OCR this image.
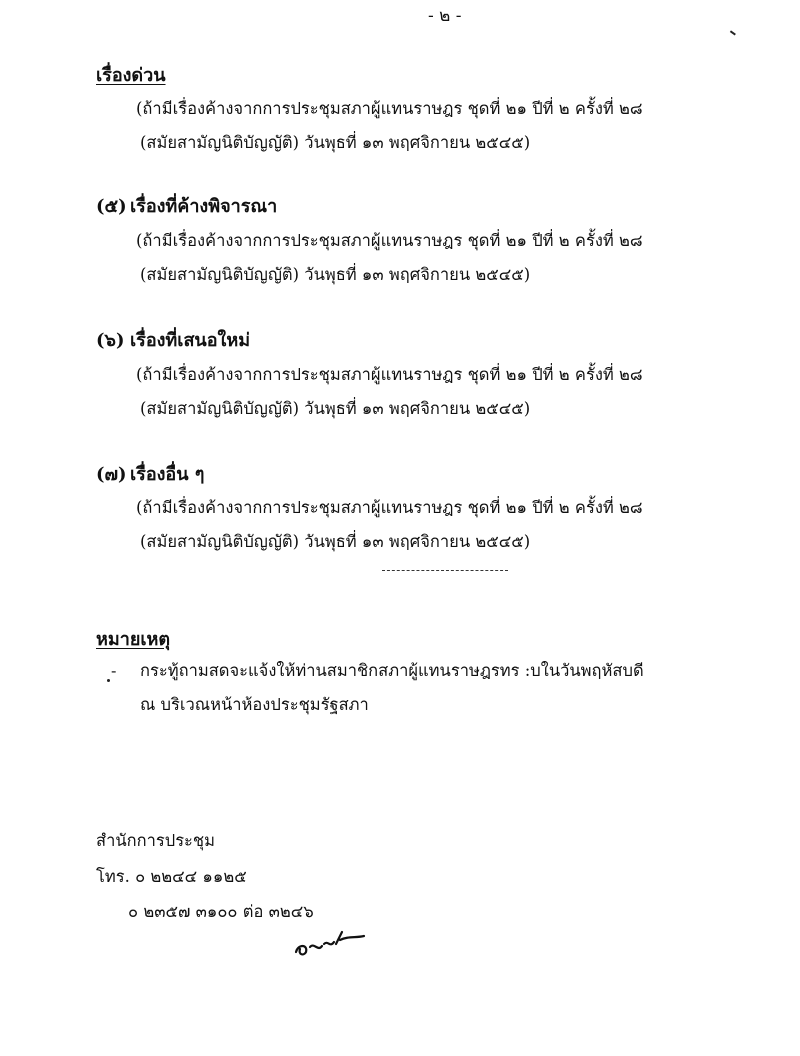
- ๒ -
เรื่องด่วน
(ถ้ามีเรื่องค้างจากการประชุมสภาผู้แทนราษฎร ชุดที่ ๒๑ ปีที่ ๒ ครั้งที่ ๒๘
(สมัยสามัญนิติบัญญัติ) วันพุธที่ ๑๓ พฤศจิกายน ๒๕๔๕)
(๕) เรื่องที่ค้างพิจารณา
(ถ้ามีเรื่องค้างจากการประชุมสภาผู้แทนราษฎร ชุดที่ ๒๑ ปีที่ ๒ ครั้งที่ ๒๘
(สมัยสามัญนิติบัญญัติ) วันพุธที่ ๑๓ พฤศจิกายน ๒๕๔๕)
(๖) เรื่องที่เสนอใหม่
(ถ้ามีเรื่องค้างจากการประชุมสภาผู้แทนราษฎร ชุดที่ ๒๑ ปีที่ ๒ ครั้งที่ ๒๘
(สมัยสามัญนิติบัญญัติ) วันพุธที่ ๑๓ พฤศจิกายน ๒๕๔๕)
(๗) เรื่องอื่น ๆ
(ถ้ามีเรื่องค้างจากการประชุมสภาผู้แทนราษฎร ชุดที่ ๒๑ ปีที่ ๒ ครั้งที่ ๒๘
(สมัยสามัญนิติบัญญัติ) วันพุธที่ ๑๓ พฤศจิกายน ๒๕๔๕)
หมายเหตุ
- กระทู้ถามสดจะแจ้งให้ท่านสมาชิกสภาผู้แทนราษฎรทร :บในวันพฤหัสบดี
ณ บริเวณหน้าห้องประชุมรัฐสภา
สำนักการประชุม
โทร. ๐ ๒๒๔๔ ๑๑๒๕
๐ ๒๓๕๗ ๓๑๐๐ ต่อ ๓๒๔๖
